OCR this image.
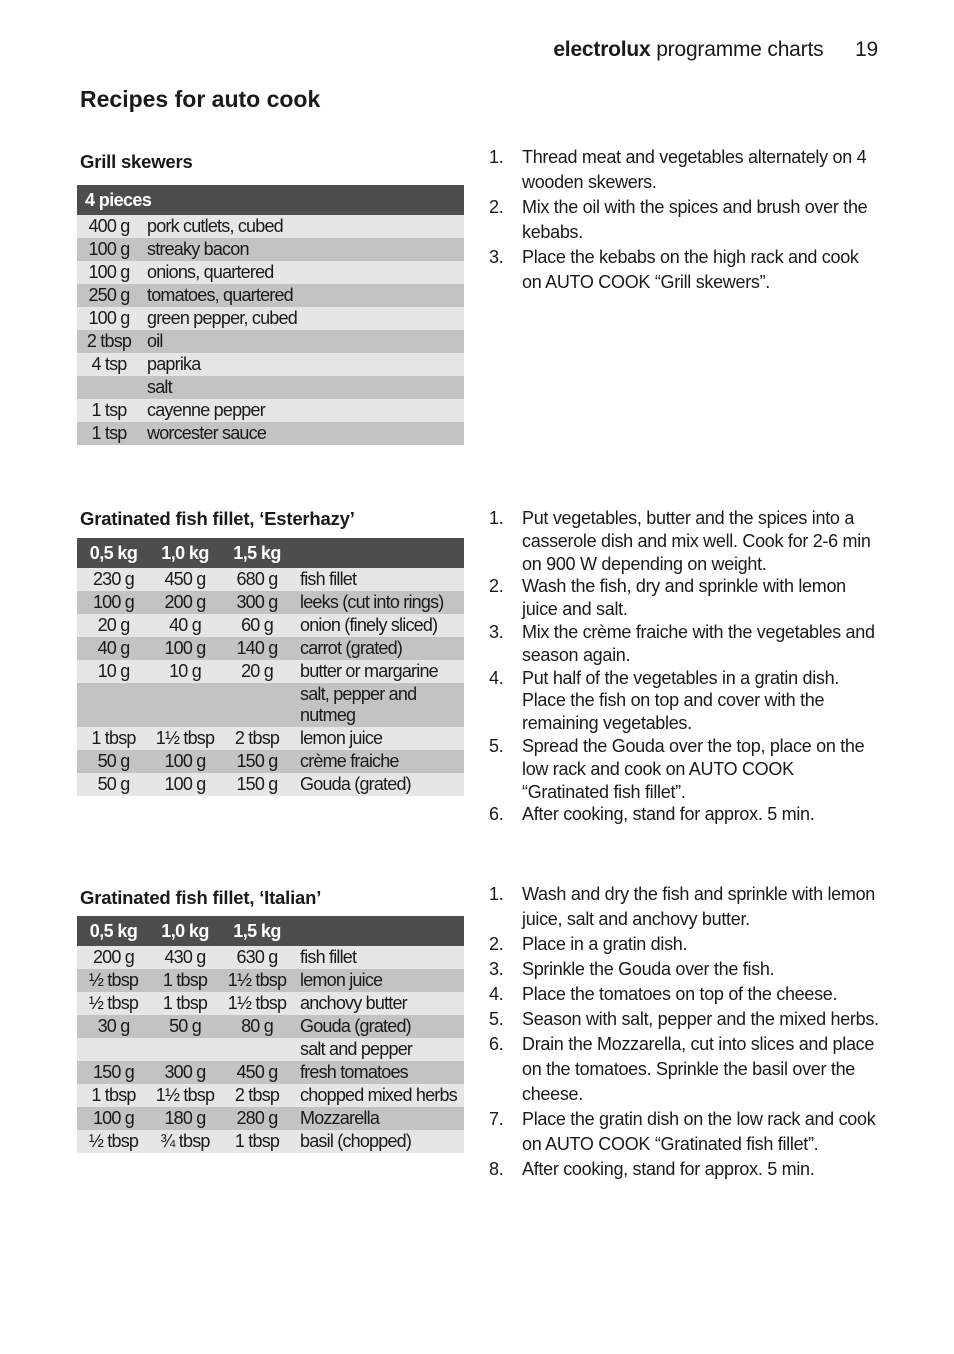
electrolux programme charts 19
Recipes for auto cook
Grill skewers
4 pieces	
400 g	pork cutlets, cubed
100 g	streaky bacon
100 g	onions, quartered
250 g	tomatoes, quartered
100 g	green pepper, cubed
2 tbsp	oil
4 tsp	paprika
	salt
1 tsp	cayenne pepper
1 tsp	worcester sauce
1. Thread meat and vegetables alternately on 4 wooden skewers.
2. Mix the oil with the spices and brush over the kebabs.
3. Place the kebabs on the high rack and cook on AUTO COOK “Grill skewers”.
Gratinated fish fillet, ‘Esterhazy’
0,5 kg	1,0 kg	1,5 kg	
230 g	450 g	680 g	fish fillet
100 g	200 g	300 g	leeks (cut into rings)
20 g	40 g	60 g	onion (finely sliced)
40 g	100 g	140 g	carrot (grated)
10 g	10 g	20 g	butter or margarine
			salt, pepper and nutmeg
1 tbsp	1½ tbsp	2 tbsp	lemon juice
50 g	100 g	150 g	crème fraiche
50 g	100 g	150 g	Gouda (grated)
1. Put vegetables, butter and the spices into a casserole dish and mix well. Cook for 2-6 min on 900 W depending on weight.
2. Wash the fish, dry and sprinkle with lemon juice and salt.
3. Mix the crème fraiche with the vegetables and season again.
4. Put half of the vegetables in a gratin dish. Place the fish on top and cover with the remaining vegetables.
5. Spread the Gouda over the top, place on the low rack and cook on AUTO COOK “Gratinated fish fillet”.
6. After cooking, stand for approx. 5 min.
Gratinated fish fillet, ‘Italian’
0,5 kg	1,0 kg	1,5 kg	
200 g	430 g	630 g	fish fillet
½ tbsp	1 tbsp	1½ tbsp	lemon juice
½ tbsp	1 tbsp	1½ tbsp	anchovy butter
30 g	50 g	80 g	Gouda (grated)
			salt and pepper
150 g	300 g	450 g	fresh tomatoes
1 tbsp	1½ tbsp	2 tbsp	chopped mixed herbs
100 g	180 g	280 g	Mozzarella
½ tbsp	¾ tbsp	1 tbsp	basil (chopped)
1. Wash and dry the fish and sprinkle with lemon juice, salt and anchovy butter.
2. Place in a gratin dish.
3. Sprinkle the Gouda over the fish.
4. Place the tomatoes on top of the cheese.
5. Season with salt, pepper and the mixed herbs.
6. Drain the Mozzarella, cut into slices and place on the tomatoes. Sprinkle the basil over the cheese.
7. Place the gratin dish on the low rack and cook on AUTO COOK “Gratinated fish fillet”.
8. After cooking, stand for approx. 5 min.
